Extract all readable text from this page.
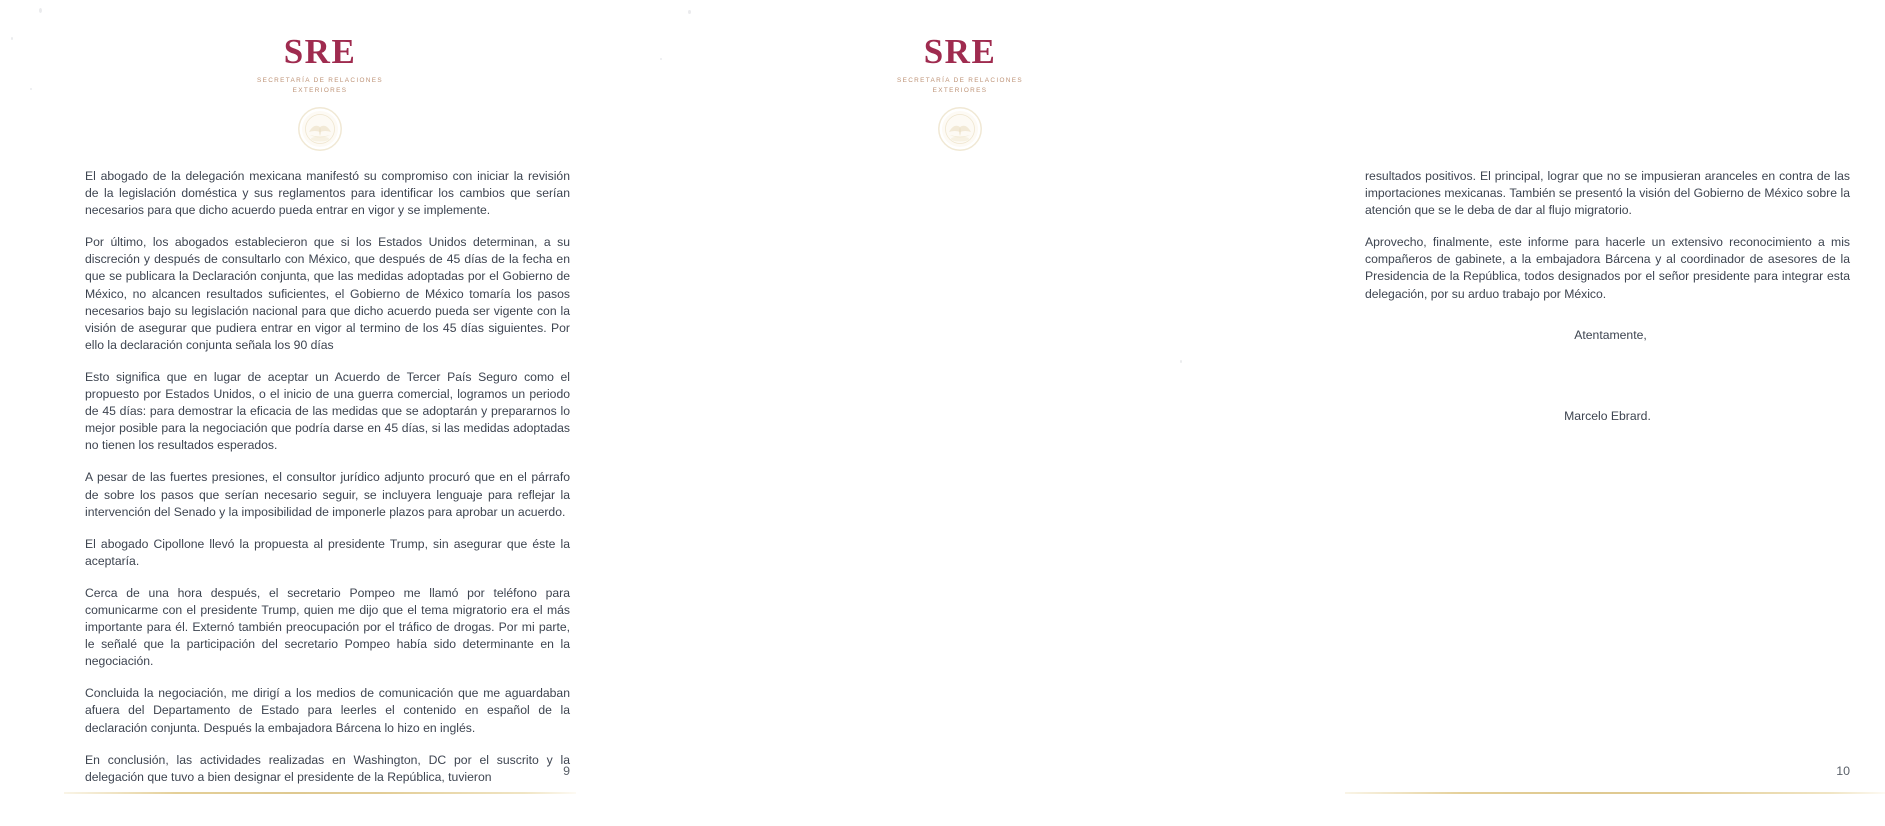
SRE
SECRETARÍA DE RELACIONES EXTERIORES

El abogado de la delegación mexicana manifestó su compromiso con iniciar la revisión de la legislación doméstica y sus reglamentos para identificar los cambios que serían necesarios para que dicho acuerdo pueda entrar en vigor y se implemente.

Por último, los abogados establecieron que si los Estados Unidos determinan, a su discreción y después de consultarlo con México, que después de 45 días de la fecha en que se publicara la Declaración conjunta, que las medidas adoptadas por el Gobierno de México, no alcancen resultados suficientes, el Gobierno de México tomaría los pasos necesarios bajo su legislación nacional para que dicho acuerdo pueda ser vigente con la visión de asegurar que pudiera entrar en vigor al termino de los 45 días siguientes. Por ello la declaración conjunta señala los 90 días

Esto significa que en lugar de aceptar un Acuerdo de Tercer País Seguro como el propuesto por Estados Unidos, o el inicio de una guerra comercial, logramos un periodo de 45 días: para demostrar la eficacia de las medidas que se adoptarán y prepararnos lo mejor posible para la negociación que podría darse en 45 días, si las medidas adoptadas no tienen los resultados esperados.

A pesar de las fuertes presiones, el consultor jurídico adjunto procuró que en el párrafo de sobre los pasos que serían necesario seguir, se incluyera lenguaje para reflejar la intervención del Senado y la imposibilidad de imponerle plazos para aprobar un acuerdo.

El abogado Cipollone llevó la propuesta al presidente Trump, sin asegurar que éste la aceptaría.

Cerca de una hora después, el secretario Pompeo me llamó por teléfono para comunicarme con el presidente Trump, quien me dijo que el tema migratorio era el más importante para él. Externó también preocupación por el tráfico de drogas. Por mi parte, le señalé que la participación del secretario Pompeo había sido determinante en la negociación.

Concluida la negociación, me dirigí a los medios de comunicación que me aguardaban afuera del Departamento de Estado para leerles el contenido en español de la declaración conjunta. Después la embajadora Bárcena lo hizo en inglés.

En conclusión, las actividades realizadas en Washington, DC por el suscrito y la delegación que tuvo a bien designar el presidente de la República, tuvieron	9
SRE
SECRETARÍA DE RELACIONES EXTERIORES

resultados positivos. El principal, lograr que no se impusieran aranceles en contra de las importaciones mexicanas. También se presentó la visión del Gobierno de México sobre la atención que se le deba de dar al flujo migratorio.

Aprovecho, finalmente, este informe para hacerle un extensivo reconocimiento a mis compañeros de gabinete, a la embajadora Bárcena y al coordinador de asesores de la Presidencia de la República, todos designados por el señor presidente para integrar esta delegación, por su arduo trabajo por México.

Atentamente,
Marcelo Ebrard.
10
